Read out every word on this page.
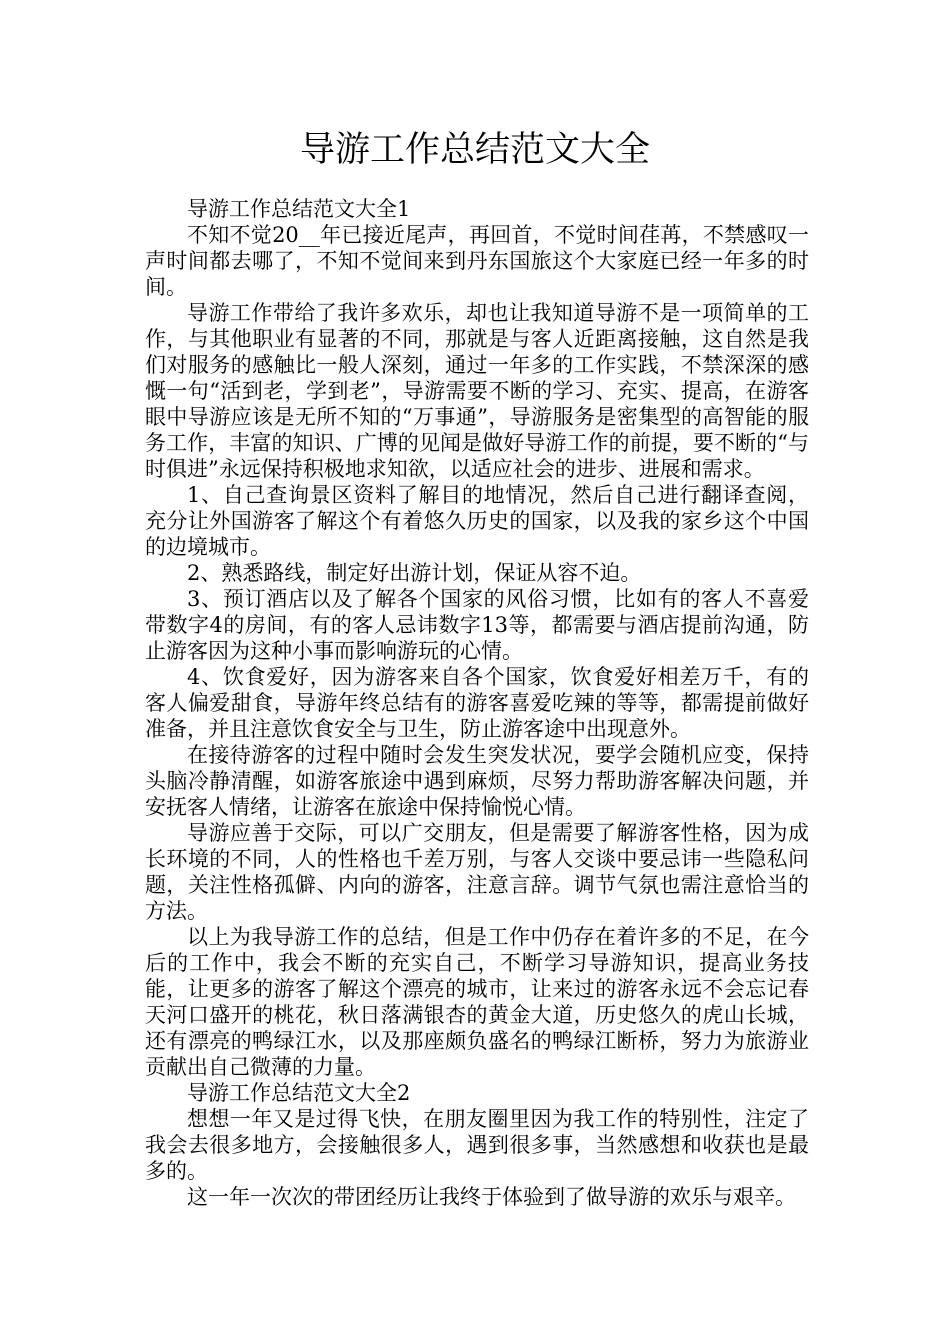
导游工作总结范文大全

导游工作总结范文大全1

不知不觉20__年已接近尾声，再回首，不觉时间荏苒，不禁感叹一声时间都去哪了，不知不觉间来到丹东国旅这个大家庭已经一年多的时间。

导游工作带给了我许多欢乐，却也让我知道导游不是一项简单的工作，与其他职业有显著的不同，那就是与客人近距离接触，这自然是我们对服务的感触比一般人深刻，通过一年多的工作实践，不禁深深的感慨一句“活到老，学到老”，导游需要不断的学习、充实、提高，在游客眼中导游应该是无所不知的“万事通”，导游服务是密集型的高智能的服务工作，丰富的知识、广博的见闻是做好导游工作的前提，要不断的“与时俱进”永远保持积极地求知欲，以适应社会的进步、进展和需求。

1、自己查询景区资料了解目的地情况，然后自己进行翻译查阅，充分让外国游客了解这个有着悠久历史的国家，以及我的家乡这个中国的边境城市。

2、熟悉路线，制定好出游计划，保证从容不迫。

3、预订酒店以及了解各个国家的风俗习惯，比如有的客人不喜爱带数字4的房间，有的客人忌讳数字13等，都需要与酒店提前沟通，防止游客因为这种小事而影响游玩的心情。

4、饮食爱好，因为游客来自各个国家，饮食爱好相差万千，有的客人偏爱甜食，导游年终总结有的游客喜爱吃辣的等等，都需提前做好准备，并且注意饮食安全与卫生，防止游客途中出现意外。

在接待游客的过程中随时会发生突发状况，要学会随机应变，保持头脑冷静清醒，如游客旅途中遇到麻烦，尽努力帮助游客解决问题，并安抚客人情绪，让游客在旅途中保持愉悦心情。

导游应善于交际，可以广交朋友，但是需要了解游客性格，因为成长环境的不同，人的性格也千差万别，与客人交谈中要忌讳一些隐私问题，关注性格孤僻、内向的游客，注意言辞。调节气氛也需注意恰当的方法。

以上为我导游工作的总结，但是工作中仍存在着许多的不足，在今后的工作中，我会不断的充实自己，不断学习导游知识，提高业务技能，让更多的游客了解这个漂亮的城市，让来过的游客永远不会忘记春天河口盛开的桃花，秋日落满银杏的黄金大道，历史悠久的虎山长城，还有漂亮的鸭绿江水，以及那座颇负盛名的鸭绿江断桥，努力为旅游业贡献出自己微薄的力量。

导游工作总结范文大全2

想想一年又是过得飞快，在朋友圈里因为我工作的特别性，注定了我会去很多地方，会接触很多人，遇到很多事，当然感想和收获也是最多的。

这一年一次次的带团经历让我终于体验到了做导游的欢乐与艰辛。
